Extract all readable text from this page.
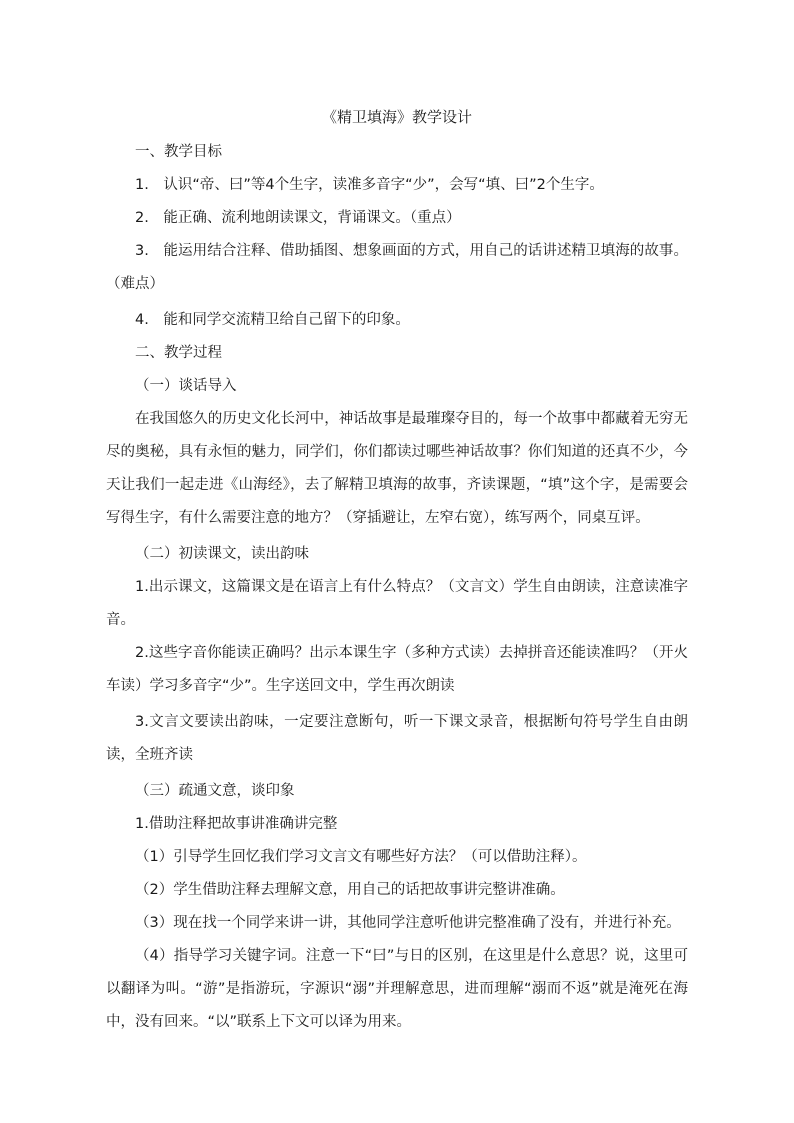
《精卫填海》教学设计

一、教学目标

1.　认识“帝、曰”等4个生字，读准多音字“少”，会写“填、曰”2个生字。

2.　能正确、流利地朗读课文，背诵课文。（重点）

3.　能运用结合注释、借助插图、想象画面的方式，用自己的话讲述精卫填海的故事。（难点）

4.　能和同学交流精卫给自己留下的印象。

二、教学过程

（一）谈话导入

在我国悠久的历史文化长河中，神话故事是最璀璨夺目的，每一个故事中都藏着无穷无尽的奥秘，具有永恒的魅力，同学们，你们都读过哪些神话故事？你们知道的还真不少，今天让我们一起走进《山海经》，去了解精卫填海的故事，齐读课题，“填”这个字，是需要会写得生字，有什么需要注意的地方？（穿插避让，左窄右宽），练写两个，同桌互评。

（二）初读课文，读出韵味

1.出示课文，这篇课文是在语言上有什么特点？（文言文）学生自由朗读，注意读准字音。

2.这些字音你能读正确吗？出示本课生字（多种方式读）去掉拼音还能读准吗？（开火车读）学习多音字“少”。生字送回文中，学生再次朗读

3.文言文要读出韵味，一定要注意断句，听一下课文录音，根据断句符号学生自由朗读，全班齐读

（三）疏通文意，谈印象

1.借助注释把故事讲准确讲完整

（1）引导学生回忆我们学习文言文有哪些好方法？（可以借助注释）。

（2）学生借助注释去理解文意，用自己的话把故事讲完整讲准确。

（3）现在找一个同学来讲一讲，其他同学注意听他讲完整准确了没有，并进行补充。

（4）指导学习关键字词。注意一下“曰”与日的区别，在这里是什么意思？说，这里可以翻译为叫。“游”是指游玩，字源识“溺”并理解意思，进而理解“溺而不返”就是淹死在海中，没有回来。“以”联系上下文可以译为用来。
